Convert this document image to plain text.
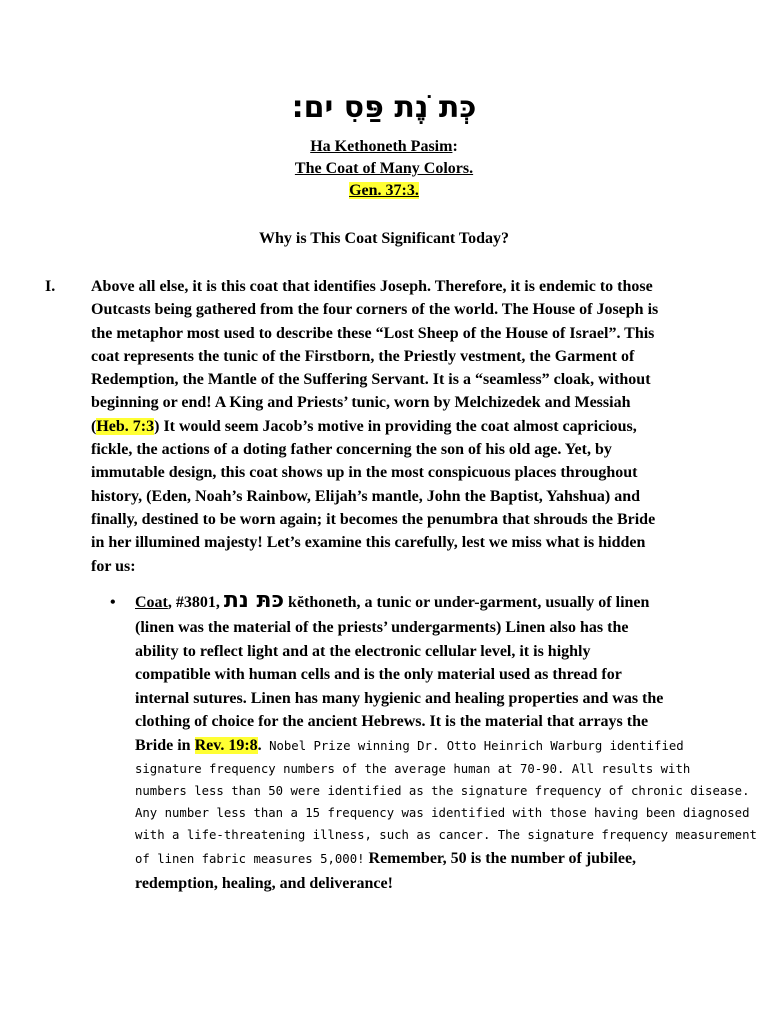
כְּת ֹנֶת פַּסִ ים:
Ha Kethoneth Pasim:
The Coat of Many Colors.
Gen. 37:3.
Why is This Coat Significant Today?
I. Above all else, it is this coat that identifies Joseph. Therefore, it is endemic to those
Outcasts being gathered from the four corners of the world. The House of Joseph is
the metaphor most used to describe these “Lost Sheep of the House of Israel”. This
coat represents the tunic of the Firstborn, the Priestly vestment, the Garment of
Redemption, the Mantle of the Suffering Servant. It is a “seamless” cloak, without
beginning or end! A King and Priests’ tunic, worn by Melchizedek and Messiah
(Heb. 7:3) It would seem Jacob’s motive in providing the coat almost capricious,
fickle, the actions of a doting father concerning the son of his old age. Yet, by
immutable design, this coat shows up in the most conspicuous places throughout
history, (Eden, Noah’s Rainbow, Elijah’s mantle, John the Baptist, Yahshua) and
finally, destined to be worn again; it becomes the penumbra that shrouds the Bride
in her illumined majesty! Let’s examine this carefully, lest we miss what is hidden
for us:
• Coat, #3801, כּתּ נת kĕthoneth, a tunic or under-garment, usually of linen
(linen was the material of the priests’ undergarments) Linen also has the
ability to reflect light and at the electronic cellular level, it is highly
compatible with human cells and is the only material used as thread for
internal sutures. Linen has many hygienic and healing properties and was the
clothing of choice for the ancient Hebrews. It is the material that arrays the
Bride in Rev. 19:8. Nobel Prize winning Dr. Otto Heinrich Warburg identified
signature frequency numbers of the average human at 70-90. All results with
numbers less than 50 were identified as the signature frequency of chronic disease.
Any number less than a 15 frequency was identified with those having been diagnosed
with a life-threatening illness, such as cancer. The signature frequency measurement
of linen fabric measures 5,000! Remember, 50 is the number of jubilee,
redemption, healing, and deliverance!
